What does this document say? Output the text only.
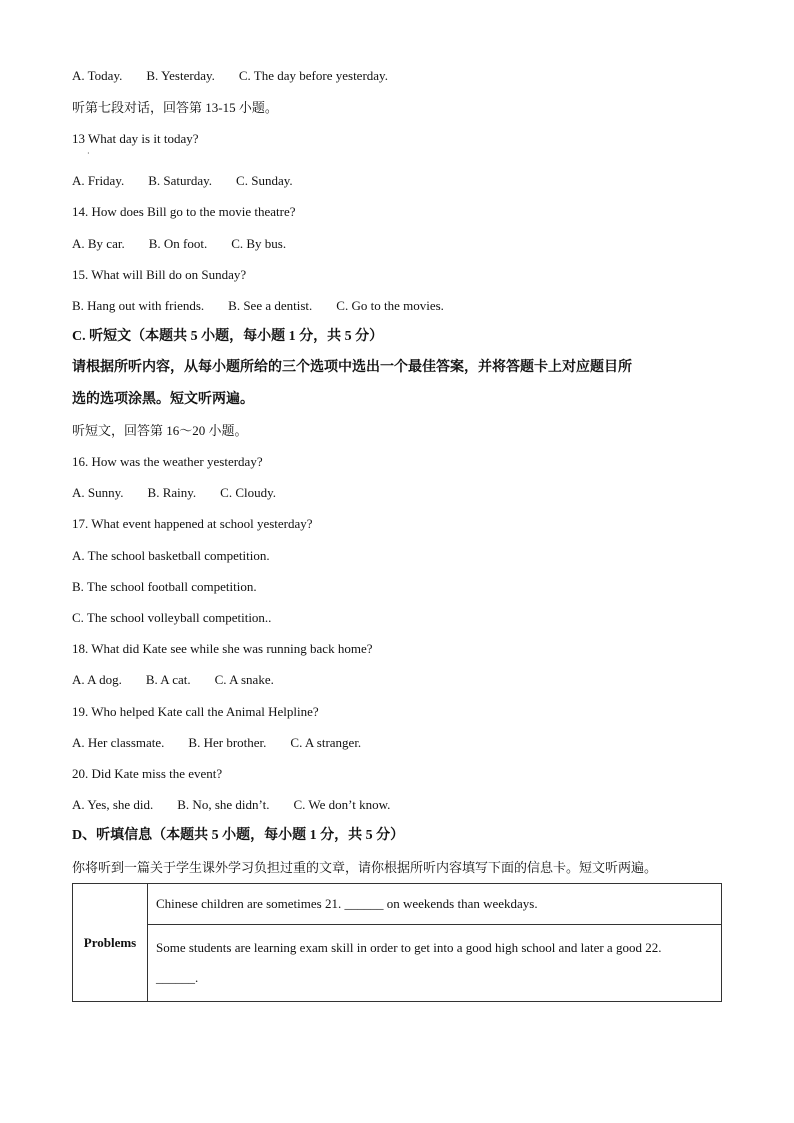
A. Today. B. Yesterday. C. The day before yesterday.
听第七段对话，回答第 13-15 小题。
13 What day is it today?
·
A. Friday. B. Saturday. C. Sunday.
14. How does Bill go to the movie theatre?
A. By car. B. On foot. C. By bus.
15. What will Bill do on Sunday?
B. Hang out with friends. B. See a dentist. C. Go to the movies.
C. 听短文（本题共 5 小题，每小题 1 分，共 5 分）
请根据所听内容，从每小题所给的三个选项中选出一个最佳答案，并将答题卡上对应题目所
选的选项涂黑。短文听两遍。
听短文，回答第 16～20 小题。
16. How was the weather yesterday?
A. Sunny. B. Rainy. C. Cloudy.
17. What event happened at school yesterday?
A. The school basketball competition.
B. The school football competition.
C. The school volleyball competition..
18. What did Kate see while she was running back home?
A. A dog. B. A cat. C. A snake.
19. Who helped Kate call the Animal Helpline?
A. Her classmate. B. Her brother. C. A stranger.
20. Did Kate miss the event?
A. Yes, she did. B. No, she didn’t. C. We don’t know.
D、听填信息（本题共 5 小题，每小题 1 分，共 5 分）
你将听到一篇关于学生课外学习负担过重的文章，请你根据所听内容填写下面的信息卡。短文听两遍。
Problems	Chinese children are sometimes 21. ______ on weekends than weekdays.

Some students are learning exam skill in order to get into a good high school and later a good 22.
______.
